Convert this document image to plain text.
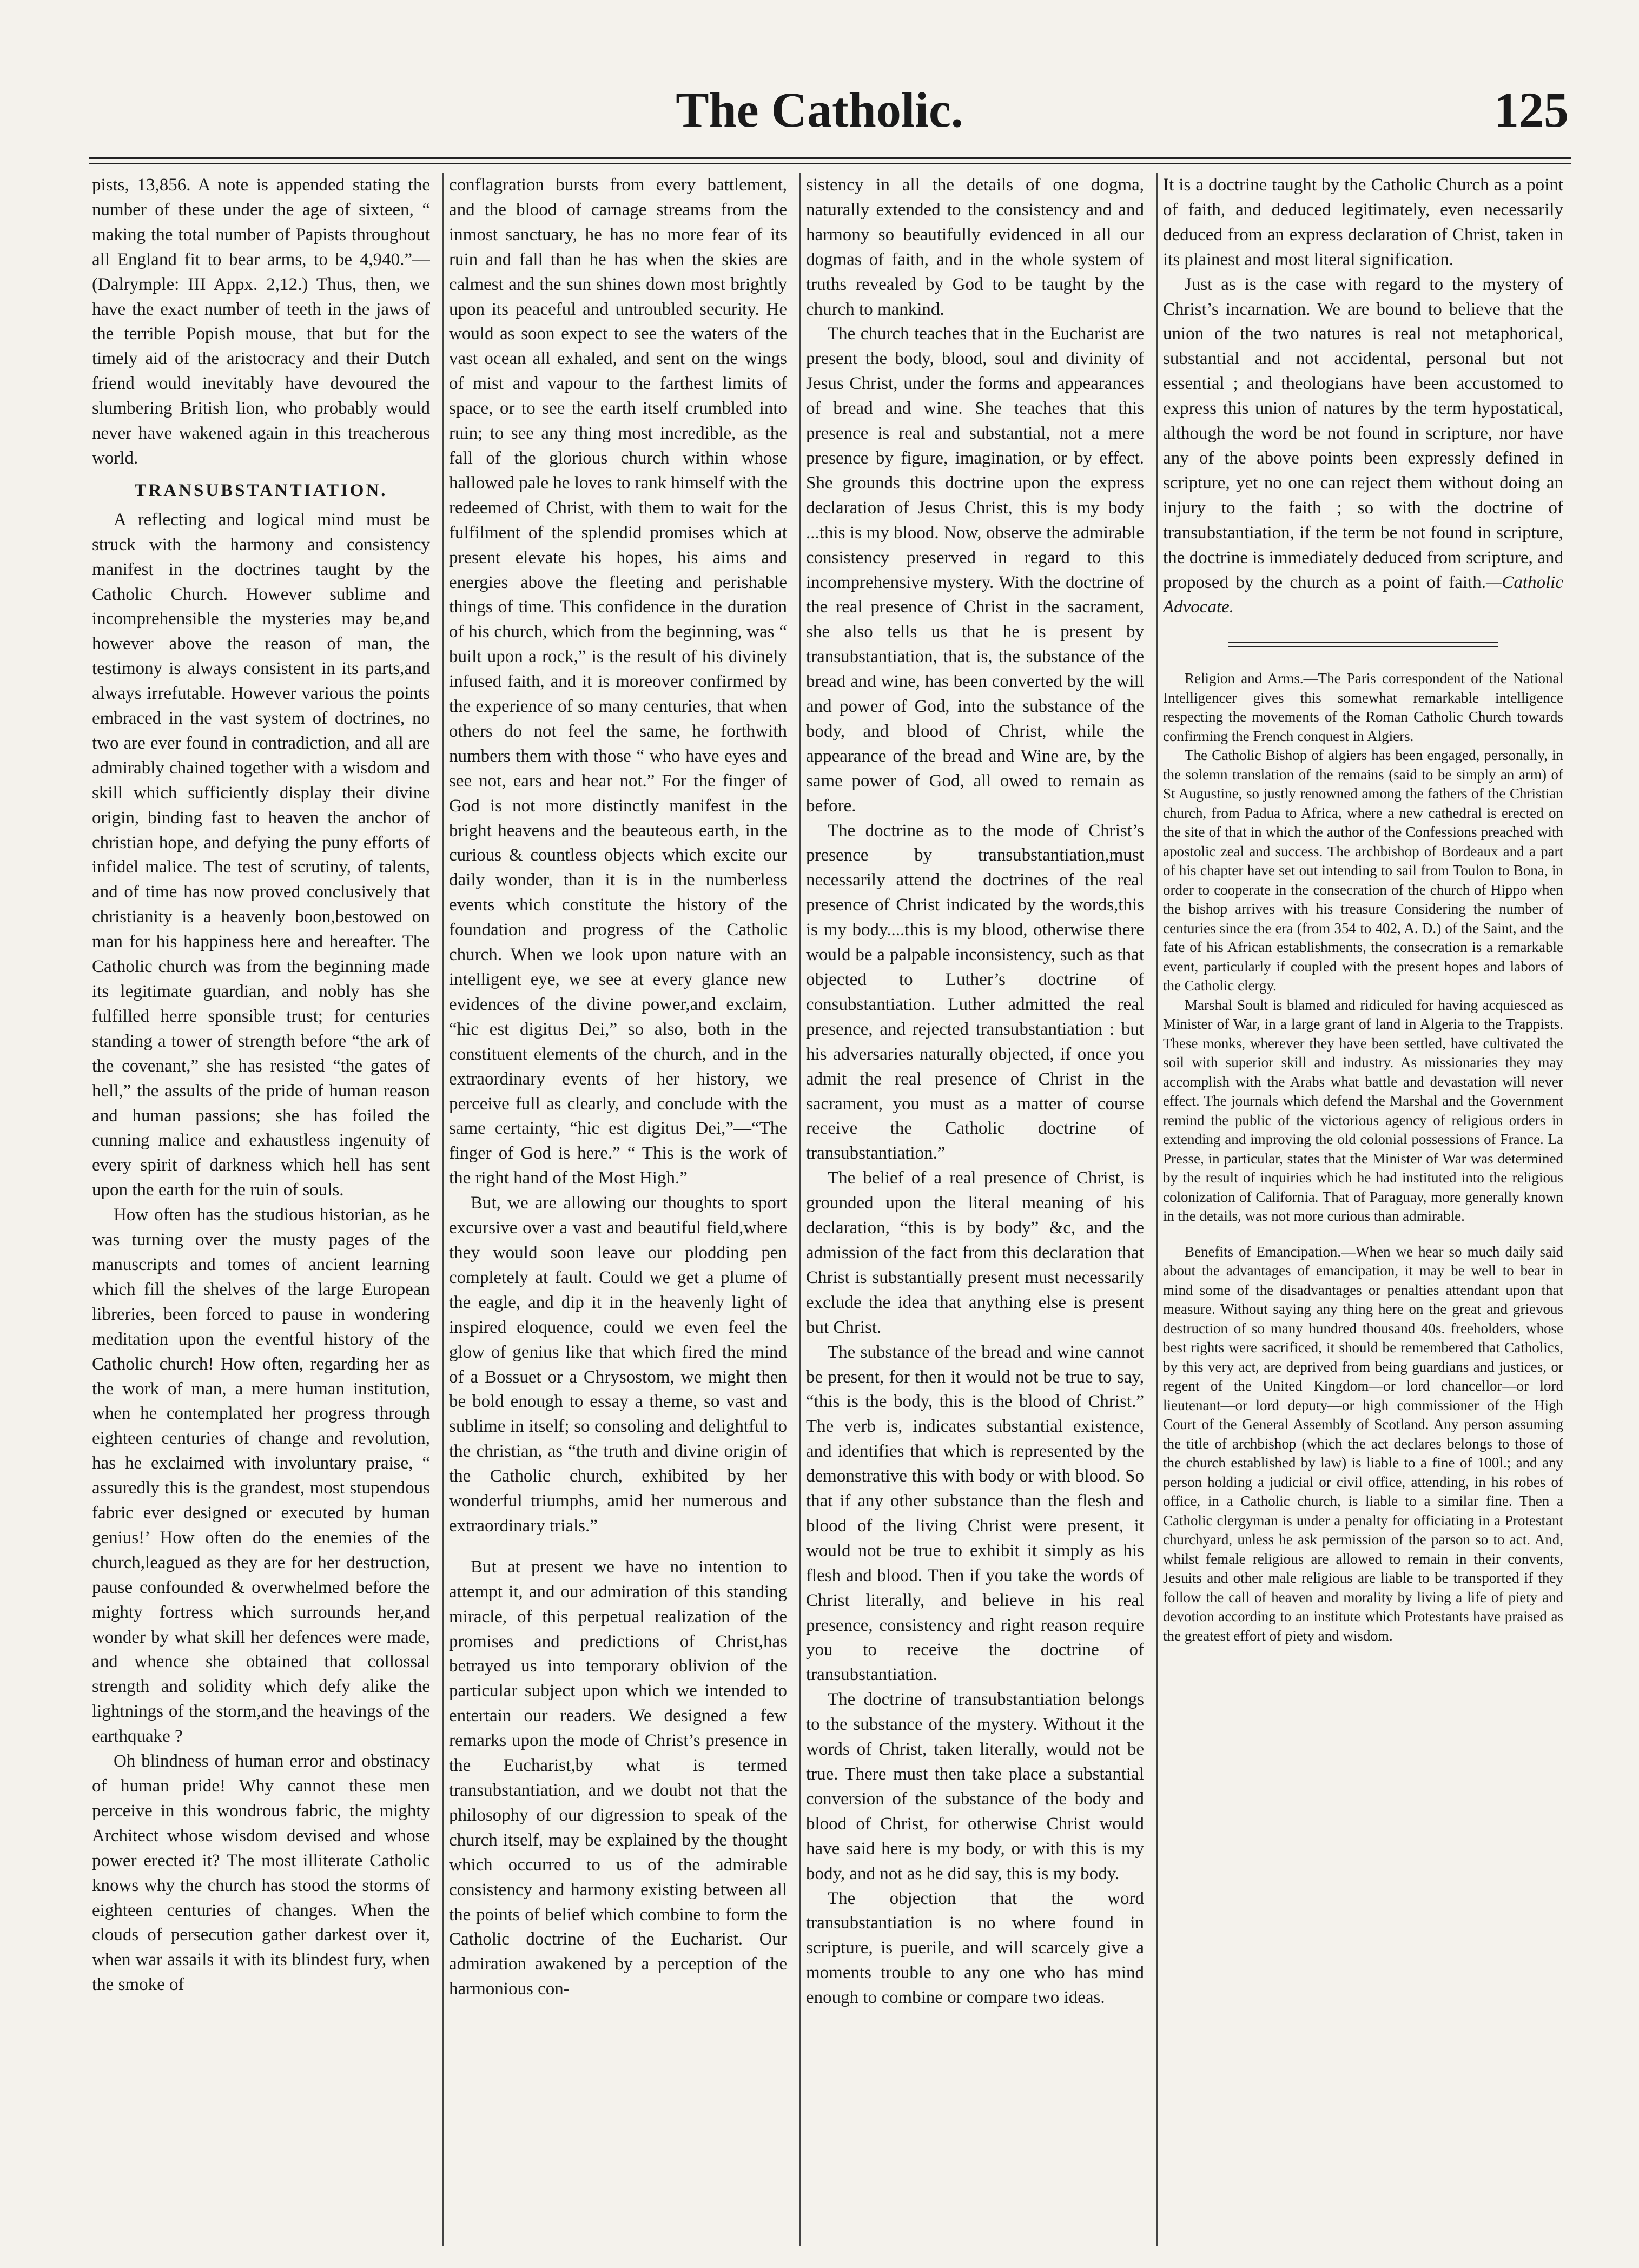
The Catholic.	125

pists, 13,856. A note is appended stating the number of these under the age of sixteen, “ making the total number of Papists throughout all England fit to bear arms, to be 4,940.”—(Dalrymple: III Appx. 2,12.) Thus, then, we have the exact number of teeth in the jaws of the terrible Popish mouse, that but for the timely aid of the aristocracy and their Dutch friend would inevitably have devoured the slumbering British lion, who probably would never have wakened again in this treacherous world.

TRANSUBSTANTIATION.

A reflecting and logical mind must be struck with the harmony and consistency manifest in the doctrines taught by the Catholic Church. However sublime and incomprehensible the mysteries may be,and however above the reason of man, the testimony is always consistent in its parts,and always irrefutable. However various the points embraced in the vast system of doctrines, no two are ever found in contradiction, and all are admirably chained together with a wisdom and skill which sufficiently display their divine origin, binding fast to heaven the anchor of christian hope, and defying the puny efforts of infidel malice. The test of scrutiny, of talents, and of time has now proved conclusively that christianity is a heavenly boon,bestowed on man for his happiness here and hereafter. The Catholic church was from the beginning made its legitimate guardian, and nobly has she fulfilled herre sponsible trust; for centuries standing a tower of strength before “the ark of the covenant,” she has resisted “the gates of hell,” the assults of the pride of human reason and human passions; she has foiled the cunning malice and exhaustless ingenuity of every spirit of darkness which hell has sent upon the earth for the ruin of souls.

How often has the studious historian, as he was turning over the musty pages of the manuscripts and tomes of ancient learning which fill the shelves of the large European libreries, been forced to pause in wondering meditation upon the eventful history of the Catholic church! How often, regarding her as the work of man, a mere human institution, when he contemplated her progress through eighteen centuries of change and revolution, has he exclaimed with involuntary praise, “ assuredly this is the grandest, most stupendous fabric ever designed or executed by human genius!’ How often do the enemies of the church,leagued as they are for her destruction, pause confounded & overwhelmed before the mighty fortress which surrounds her,and wonder by what skill her defences were made, and whence she obtained that collossal strength and solidity which defy alike the lightnings of the storm,and the heavings of the earthquake ?

Oh blindness of human error and obstinacy of human pride! Why cannot these men perceive in this wondrous fabric, the mighty Architect whose wisdom devised and whose power erected it? The most illiterate Catholic knows why the church has stood the storms of eighteen centuries of changes. When the clouds of persecution gather darkest over it, when war assails it with its blindest fury, when the smoke of

conflagration bursts from every battlement, and the blood of carnage streams from the inmost sanctuary, he has no more fear of its ruin and fall than he has when the skies are calmest and the sun shines down most brightly upon its peaceful and untroubled security. He would as soon expect to see the waters of the vast ocean all exhaled, and sent on the wings of mist and vapour to the farthest limits of space, or to see the earth itself crumbled into ruin; to see any thing most incredible, as the fall of the glorious church within whose hallowed pale he loves to rank himself with the redeemed of Christ, with them to wait for the fulfilment of the splendid promises which at present elevate his hopes, his aims and energies above the fleeting and perishable things of time. This confidence in the duration of his church, which from the beginning, was “ built upon a rock,” is the result of his divinely infused faith, and it is moreover confirmed by the experience of so many centuries, that when others do not feel the same, he forthwith numbers them with those “ who have eyes and see not, ears and hear not.” For the finger of God is not more distinctly manifest in the bright heavens and the beauteous earth, in the curious & countless objects which excite our daily wonder, than it is in the numberless events which constitute the history of the foundation and progress of the Catholic church. When we look upon nature with an intelligent eye, we see at every glance new evidences of the divine power,and exclaim, “hic est digitus Dei,” so also, both in the constituent elements of the church, and in the extraordinary events of her history, we perceive full as clearly, and conclude with the same certainty, “hic est digitus Dei,”—“The finger of God is here.” “ This is the work of the right hand of the Most High.”

But, we are allowing our thoughts to sport excursive over a vast and beautiful field,where they would soon leave our plodding pen completely at fault. Could we get a plume of the eagle, and dip it in the heavenly light of inspired eloquence, could we even feel the glow of genius like that which fired the mind of a Bossuet or a Chrysostom, we might then be bold enough to essay a theme, so vast and sublime in itself; so consoling and delightful to the christian, as “the truth and divine origin of the Catholic church, exhibited by her wonderful triumphs, amid her numerous and extraordinary trials.”

But at present we have no intention to attempt it, and our admiration of this standing miracle, of this perpetual realization of the promises and predictions of Christ,has betrayed us into temporary oblivion of the particular subject upon which we intended to entertain our readers. We designed a few remarks upon the mode of Christ’s presence in the Eucharist,by what is termed transubstantiation, and we doubt not that the philosophy of our digression to speak of the church itself, may be explained by the thought which occurred to us of the admirable consistency and harmony existing between all the points of belief which combine to form the Catholic doctrine of the Eucharist. Our admiration awakened by a perception of the harmonious con-

sistency in all the details of one dogma, naturally extended to the consistency and and harmony so beautifully evidenced in all our dogmas of faith, and in the whole system of truths revealed by God to be taught by the church to mankind.

The church teaches that in the Eucharist are present the body, blood, soul and divinity of Jesus Christ, under the forms and appearances of bread and wine. She teaches that this presence is real and substantial, not a mere presence by figure, imagination, or by effect. She grounds this doctrine upon the express declaration of Jesus Christ, this is my body ...this is my blood. Now, observe the admirable consistency preserved in regard to this incomprehensive mystery. With the doctrine of the real presence of Christ in the sacrament, she also tells us that he is present by transubstantiation, that is, the substance of the bread and wine, has been converted by the will and power of God, into the substance of the body, and blood of Christ, while the appearance of the bread and Wine are, by the same power of God, all owed to remain as before.

The doctrine as to the mode of Christ’s presence by transubstantiation,must necessarily attend the doctrines of the real presence of Christ indicated by the words,this is my body....this is my blood, otherwise there would be a palpable inconsistency, such as that objected to Luther’s doctrine of consubstantiation. Luther admitted the real presence, and rejected transubstantiation : but his adversaries naturally objected, if once you admit the real presence of Christ in the sacrament, you must as a matter of course receive the Catholic doctrine of transubstantiation.”

The belief of a real presence of Christ, is grounded upon the literal meaning of his declaration, “this is by body” &c, and the admission of the fact from this declaration that Christ is substantially present must necessarily exclude the idea that anything else is present but Christ.

The substance of the bread and wine cannot be present, for then it would not be true to say, “this is the body, this is the blood of Christ.” The verb is, indicates substantial existence, and identifies that which is represented by the demonstrative this with body or with blood. So that if any other substance than the flesh and blood of the living Christ were present, it would not be true to exhibit it simply as his flesh and blood. Then if you take the words of Christ literally, and believe in his real presence, consistency and right reason require you to receive the doctrine of transubstantiation.

The doctrine of transubstantiation belongs to the substance of the mystery. Without it the words of Christ, taken literally, would not be true. There must then take place a substantial conversion of the substance of the body and blood of Christ, for otherwise Christ would have said here is my body, or with this is my body, and not as he did say, this is my body.

The objection that the word transubstantiation is no where found in scripture, is puerile, and will scarcely give a moments trouble to any one who has mind enough to combine or compare two ideas.

It is a doctrine taught by the Catholic Church as a point of faith, and deduced legitimately, even necessarily deduced from an express declaration of Christ, taken in its plainest and most literal signification.

Just as is the case with regard to the mystery of Christ’s incarnation. We are bound to believe that the union of the two natures is real not metaphorical, substantial and not accidental, personal but not essential ; and theologians have been accustomed to express this union of natures by the term hypostatical, although the word be not found in scripture, nor have any of the above points been expressly defined in scripture, yet no one can reject them without doing an injury to the faith ; so with the doctrine of transubstantiation, if the term be not found in scripture, the doctrine is immediately deduced from scripture, and proposed by the church as a point of faith.—Catholic Advocate.

Religion and Arms.—The Paris correspondent of the National Intelligencer gives this somewhat remarkable intelligence respecting the movements of the Roman Catholic Church towards confirming the French conquest in Algiers.

The Catholic Bishop of algiers has been engaged, personally, in the solemn translation of the remains (said to be simply an arm) of St Augustine, so justly renowned among the fathers of the Christian church, from Padua to Africa, where a new cathedral is erected on the site of that in which the author of the Confessions preached with apostolic zeal and success. The archbishop of Bordeaux and a part of his chapter have set out intending to sail from Toulon to Bona, in order to cooperate in the consecration of the church of Hippo when the bishop arrives with his treasure Considering the number of centuries since the era (from 354 to 402, A. D.) of the Saint, and the fate of his African establishments, the consecration is a remarkable event, particularly if coupled with the present hopes and labors of the Catholic clergy.

Marshal Soult is blamed and ridiculed for having acquiesced as Minister of War, in a large grant of land in Algeria to the Trappists. These monks, wherever they have been settled, have cultivated the soil with superior skill and industry. As missionaries they may accomplish with the Arabs what battle and devastation will never effect. The journals which defend the Marshal and the Government remind the public of the victorious agency of religious orders in extending and improving the old colonial possessions of France. La Presse, in particular, states that the Minister of War was determined by the result of inquiries which he had instituted into the religious colonization of California. That of Paraguay, more generally known in the details, was not more curious than admirable.

Benefits of Emancipation.—When we hear so much daily said about the advantages of emancipation, it may be well to bear in mind some of the disadvantages or penalties attendant upon that measure. Without saying any thing here on the great and grievous destruction of so many hundred thousand 40s. freeholders, whose best rights were sacrificed, it should be remembered that Catholics, by this very act, are deprived from being guardians and justices, or regent of the United Kingdom—or lord chancellor—or lord lieutenant—or lord deputy—or high commissioner of the High Court of the General Assembly of Scotland. Any person assuming the title of archbishop (which the act declares belongs to those of the church established by law) is liable to a fine of 100l.; and any person holding a judicial or civil office, attending, in his robes of office, in a Catholic church, is liable to a similar fine. Then a Catholic clergyman is under a penalty for officiating in a Protestant churchyard, unless he ask permission of the parson so to act. And, whilst female religious are allowed to remain in their convents, Jesuits and other male religious are liable to be transported if they follow the call of heaven and morality by living a life of piety and devotion according to an institute which Protestants have praised as the greatest effort of piety and wisdom.
